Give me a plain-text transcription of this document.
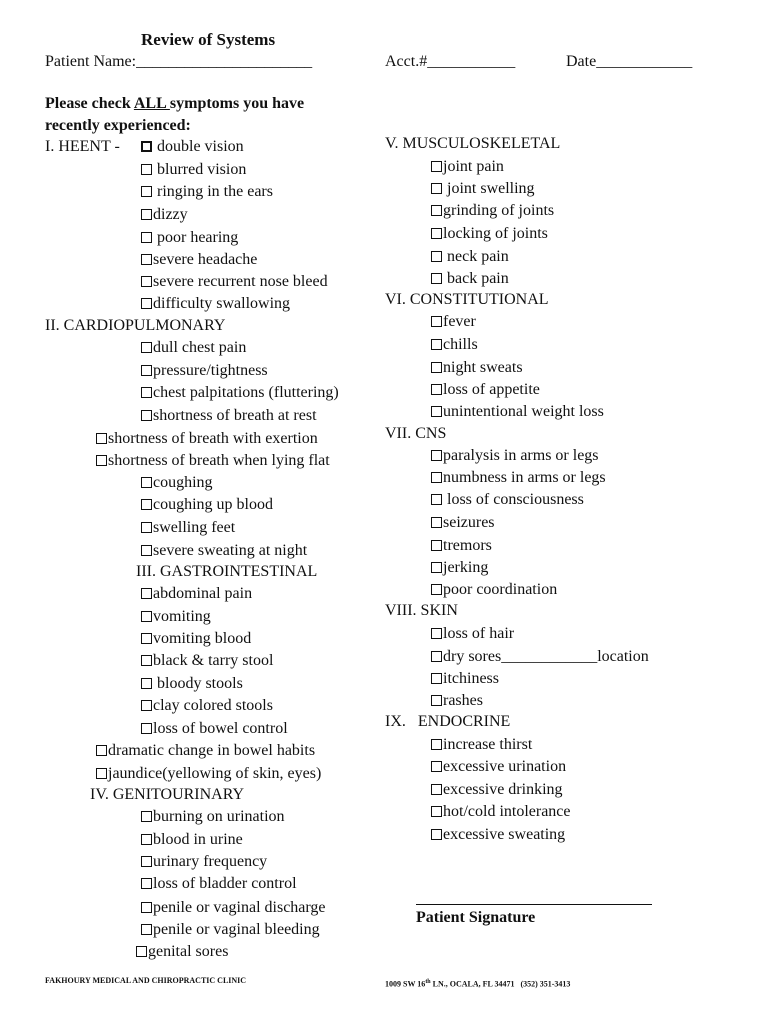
Review of Systems
Patient Name:______________________	Acct.#___________	Date____________
Please check ALL symptoms you have
recently experienced:
I. HEENT -	double vision
blurred vision
ringing in the ears
dizzy
poor hearing
severe headache
severe recurrent nose bleed
difficulty swallowing
II. CARDIOPULMONARY
dull chest pain
pressure/tightness
chest palpitations (fluttering)
shortness of breath at rest
shortness of breath with exertion
shortness of breath when lying flat
coughing
coughing up blood
swelling feet
severe sweating at night
III. GASTROINTESTINAL
abdominal pain
vomiting
vomiting blood
black & tarry stool
bloody stools
clay colored stools
loss of bowel control
dramatic change in bowel habits
jaundice(yellowing of skin, eyes)
IV. GENITOURINARY
burning on urination
blood in urine
urinary frequency
loss of bladder control
penile or vaginal discharge
penile or vaginal bleeding
genital sores
V. MUSCULOSKELETAL
joint pain
joint swelling
grinding of joints
locking of joints
neck pain
back pain
VI. CONSTITUTIONAL
fever
chills
night sweats
loss of appetite
unintentional weight loss
VII. CNS
paralysis in arms or legs
numbness in arms or legs
loss of consciousness
seizures
tremors
jerking
poor coordination
VIII. SKIN
loss of hair
dry sores____________location
itchiness
rashes
IX.   ENDOCRINE
increase thirst
excessive urination
excessive drinking
hot/cold intolerance
excessive sweating
Patient Signature
FAKHOURY MEDICAL AND CHIROPRACTIC CLINIC	1009 SW 16th LN., OCALA, FL 34471   (352) 351-3413
